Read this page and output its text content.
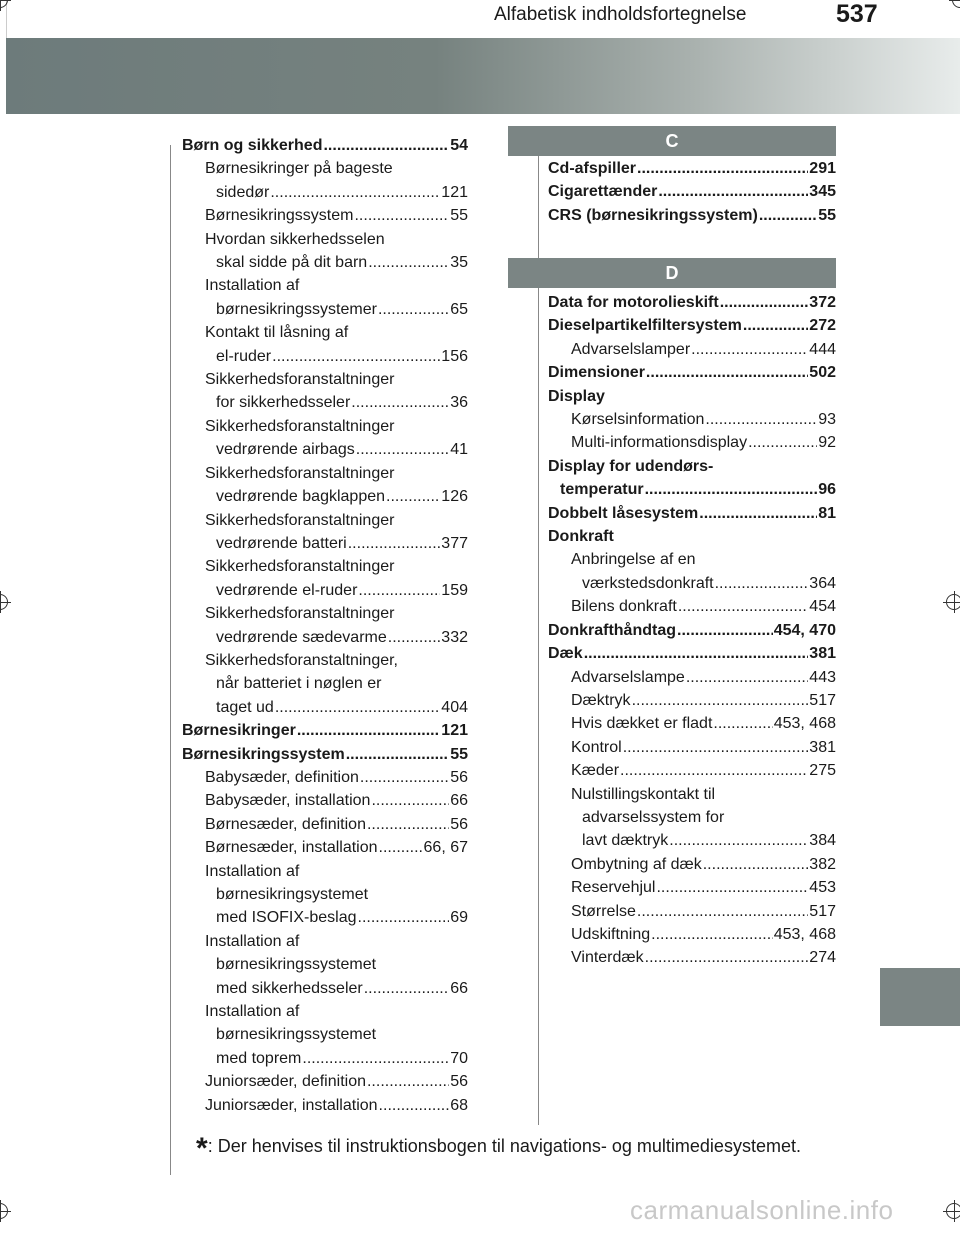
Alfabetisk indholdsfortegnelse	537
Børn og sikkerhed .....	54
Børnesikringer på bageste
sidedør .....	121
Børnesikringssystem .....	55
Hvordan sikkerhedsselen
skal sidde på dit barn .....	35
Installation af
børnesikringssystemer .....	65
Kontakt til låsning af
el-ruder .....	156
Sikkerhedsforanstaltninger
for sikkerhedsseler .....	36
Sikkerhedsforanstaltninger
vedrørende airbags .....	41
Sikkerhedsforanstaltninger
vedrørende bagklappen .....	126
Sikkerhedsforanstaltninger
vedrørende batteri .....	377
Sikkerhedsforanstaltninger
vedrørende el-ruder .....	159
Sikkerhedsforanstaltninger
vedrørende sædevarme .....	332
Sikkerhedsforanstaltninger,
når batteriet i nøglen er
taget ud .....	404
Børnesikringer .....	121
Børnesikringssystem .....	55
Babysæder, definition .....	56
Babysæder, installation .....	66
Børnesæder, definition .....	56
Børnesæder, installation .....	66, 67
Installation af
børnesikringsystemet
med ISOFIX-beslag .....	69
Installation af
børnesikringssystemet
med sikkerhedsseler .....	66
Installation af
børnesikringssystemet
med toprem .....	70
Juniorsæder, definition .....	56
Juniorsæder, installation .....	68
C
Cd-afspiller .....	291
Cigarettænder .....	345
CRS (børnesikringssystem) .....	55
D
Data for motorolieskift .....	372
Dieselpartikelfiltersystem .....	272
Advarselslamper .....	444
Dimensioner .....	502
Display
Kørselsinformation .....	93
Multi-informationsdisplay .....	92
Display for udendørs-
temperatur .....	96
Dobbelt låsesystem .....	81
Donkraft
Anbringelse af en
værkstedsdonkraft .....	364
Bilens donkraft .....	454
Donkrafthåndtag .....	454, 470
Dæk .....	381
Advarselslampe .....	443
Dæktryk .....	517
Hvis dækket er fladt .....	453, 468
Kontrol .....	381
Kæder .....	275
Nulstillingskontakt til
advarselssystem for
lavt dæktryk .....	384
Ombytning af dæk .....	382
Reservehjul .....	453
Størrelse .....	517
Udskiftning .....	453, 468
Vinterdæk .....	274
*: Der henvises til instruktionsbogen til navigations- og multimediesystemet.
carmanualsonline.info
